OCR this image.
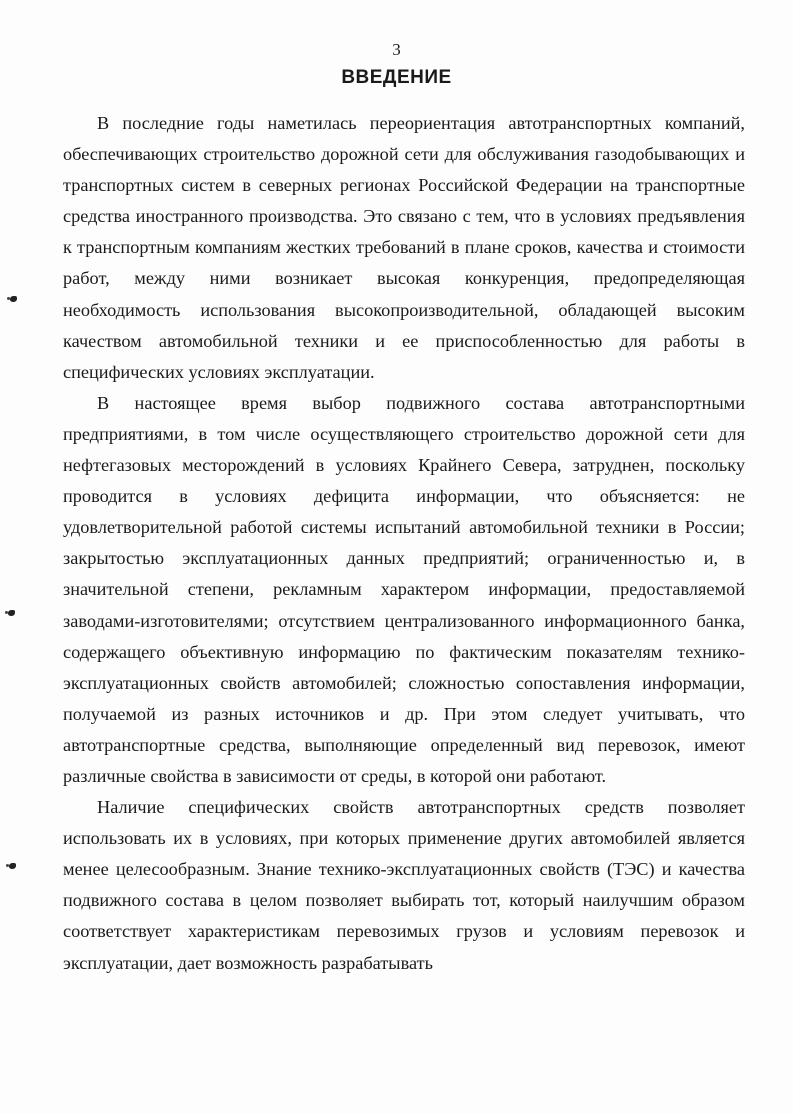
3
ВВЕДЕНИЕ

В последние годы наметилась переориентация автотранспортных компаний, обеспечивающих строительство дорожной сети для обслуживания газодобывающих и транспортных систем в северных регионах Российской Федерации на транспортные средства иностранного производства. Это связано с тем, что в условиях предъявления к транспортным компаниям жестких требований в плане сроков, качества и стоимости работ, между ними возникает высокая конкуренция, предопределяющая необходимость использования высокопроизводительной, обладающей высоким качеством автомобильной техники и ее приспособленностью для работы в специфических условиях эксплуатации.

В настоящее время выбор подвижного состава автотранспортными предприятиями, в том числе осуществляющего строительство дорожной сети для нефтегазовых месторождений в условиях Крайнего Севера, затруднен, поскольку проводится в условиях дефицита информации, что объясняется: не удовлетворительной работой системы испытаний автомобильной техники в России; закрытостью эксплуатационных данных предприятий; ограниченностью и, в значительной степени, рекламным характером информации, предоставляемой заводами-изготовителями; отсутствием централизованного информационного банка, содержащего объективную информацию по фактическим показателям технико-эксплуатационных свойств автомобилей; сложностью сопоставления информации, получаемой из разных источников и др. При этом следует учитывать, что автотранспортные средства, выполняющие определенный вид перевозок, имеют различные свойства в зависимости от среды, в которой они работают.

Наличие специфических свойств автотранспортных средств позволяет использовать их в условиях, при которых применение других автомобилей является менее целесообразным. Знание технико-эксплуатационных свойств (ТЭС) и качества подвижного состава в целом позволяет выбирать тот, который наилучшим образом соответствует характеристикам перевозимых грузов и условиям перевозок и эксплуатации, дает возможность разрабатывать
